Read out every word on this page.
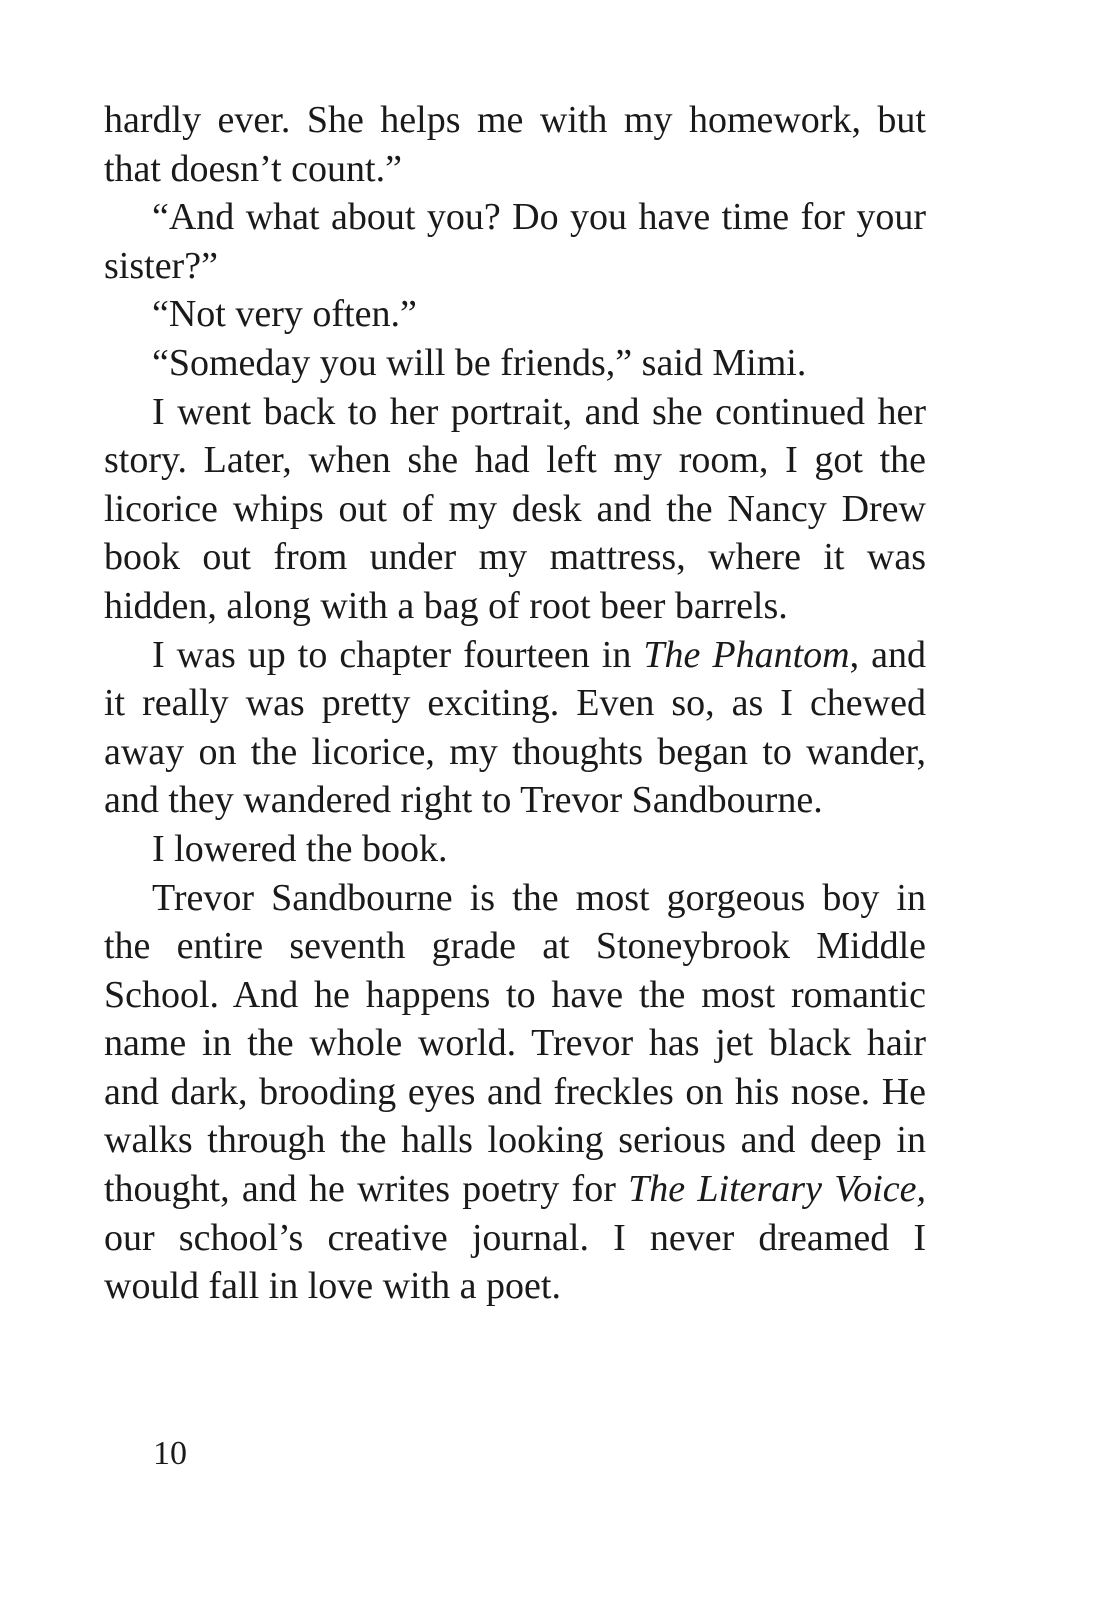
hardly ever. She helps me with my homework, but that doesn’t count.”

“And what about you? Do you have time for your sister?”

“Not very often.”

“Someday you will be friends,” said Mimi.

I went back to her portrait, and she continued her story. Later, when she had left my room, I got the licorice whips out of my desk and the Nancy Drew book out from under my mattress, where it was hidden, along with a bag of root beer barrels.

I was up to chapter fourteen in The Phantom, and it really was pretty exciting. Even so, as I chewed away on the licorice, my thoughts began to wander, and they wandered right to Trevor Sandbourne.

I lowered the book.

Trevor Sandbourne is the most gorgeous boy in the entire seventh grade at Stoneybrook Middle School. And he happens to have the most romantic name in the whole world. Trevor has jet black hair and dark, brooding eyes and freckles on his nose. He walks through the halls looking serious and deep in thought, and he writes poetry for The Literary Voice, our school’s creative journal. I never dreamed I would fall in love with a poet.

10
